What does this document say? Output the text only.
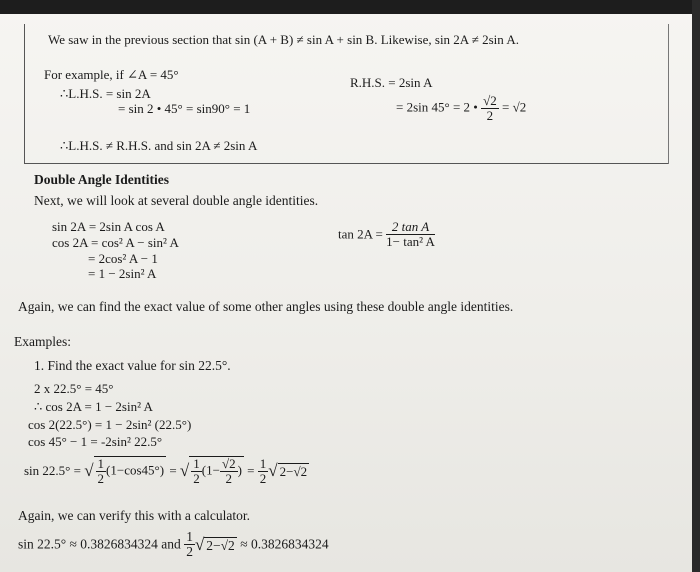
We saw in the previous section that sin (A + B) ≠ sin A + sin B. Likewise, sin 2A ≠ 2sin A.
For example, if ∠A = 45°
∴L.H.S. = sin 2A
= sin 2 • 45° = sin90° = 1
R.H.S. = 2sin A
= 2sin 45° = 2 • $\frac{√2}{2} = √2$
∴L.H.S. ≠ R.H.S. and sin 2A ≠ 2sin A
Double Angle Identities
Next, we will look at several double angle identities.
sin 2A = 2sin A cos A
cos 2A = cos² A − sin² A
= 2cos² A − 1
= 1 − 2sin² A
$\tan 2A = \frac{\text{2 tan A}}{\text{1− tan² A}}$
Again, we can find the exact value of some other angles using these double angle identities.
Examples:
1. Find the exact value for sin 22.5°.
2 x 22.5° = 45°
∴ cos 2A = 1 − 2sin² A
cos 2(22.5°) = 1 − 2sin² (22.5°)
cos 45° − 1 = -2sin² 22.5°
sin 22.5° = √ $\frac{1}{2} (1-\cos 45^\circ)$ = √ $\frac{1}{2} (1- \frac{√2}{2}$ ) = $\frac{1}{2}$ √ 2−√2
Again, we can verify this with a calculator.
sin 22.5° ≈ 0.3826834324 and $\frac{1}{2}$ √ 2−√2 ≈ 0.3826834324
